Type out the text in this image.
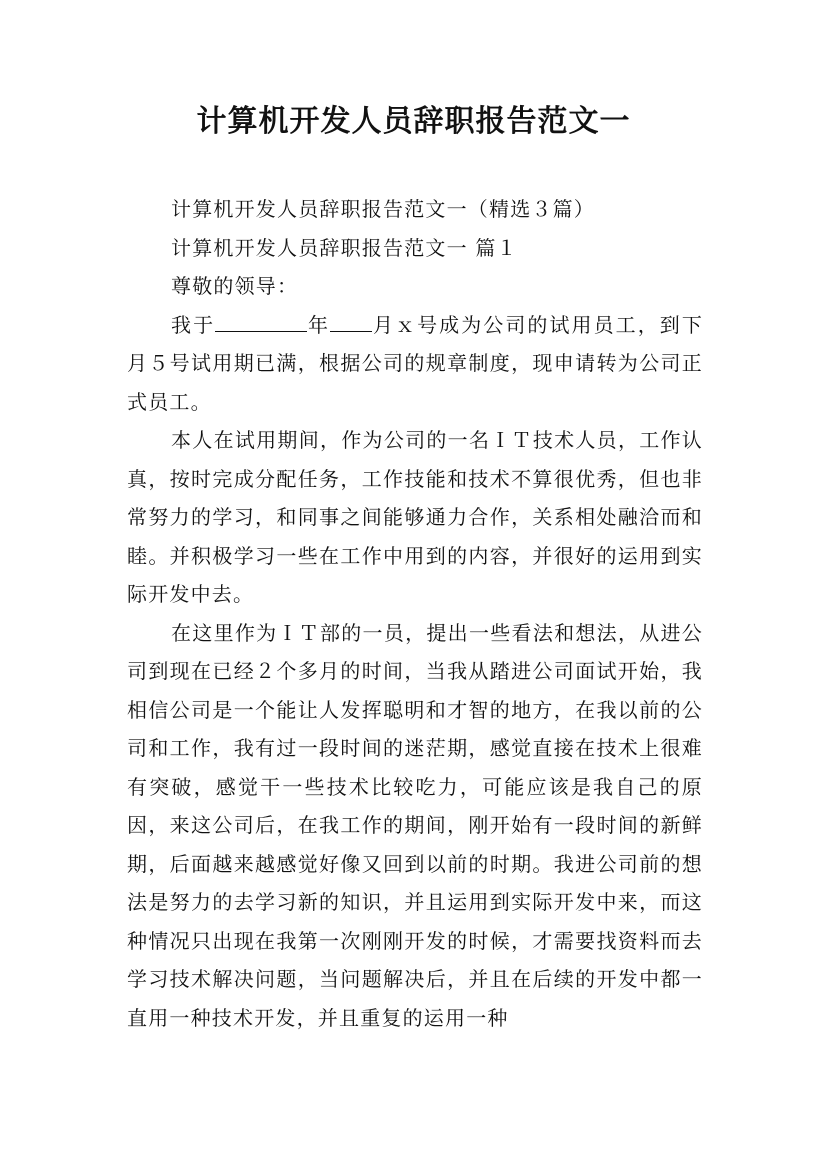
计算机开发人员辞职报告范文一

计算机开发人员辞职报告范文一（精选３篇）

计算机开发人员辞职报告范文一 篇１

尊敬的领导：

我于	年 月ｘ号成为公司的试用员工，到下月５号试用期已满，根据公司的规章制度，现申请转为公司正式员工。

本人在试用期间，作为公司的一名ＩＴ技术人员，工作认真，按时完成分配任务，工作技能和技术不算很优秀，但也非常努力的学习，和同事之间能够通力合作，关系相处融洽而和睦。并积极学习一些在工作中用到的内容，并很好的运用到实际开发中去。

在这里作为ＩＴ部的一员，提出一些看法和想法，从进公司到现在已经２个多月的时间，当我从踏进公司面试开始，我相信公司是一个能让人发挥聪明和才智的地方，在我以前的公司和工作，我有过一段时间的迷茫期，感觉直接在技术上很难有突破，感觉干一些技术比较吃力，可能应该是我自己的原因，来这公司后，在我工作的期间，刚开始有一段时间的新鲜期，后面越来越感觉好像又回到以前的时期。我进公司前的想法是努力的去学习新的知识，并且运用到实际开发中来，而这种情况只出现在我第一次刚刚开发的时候，才需要找资料而去学习技术解决问题，当问题解决后，并且在后续的开发中都一直用一种技术开发，并且重复的运用一种
